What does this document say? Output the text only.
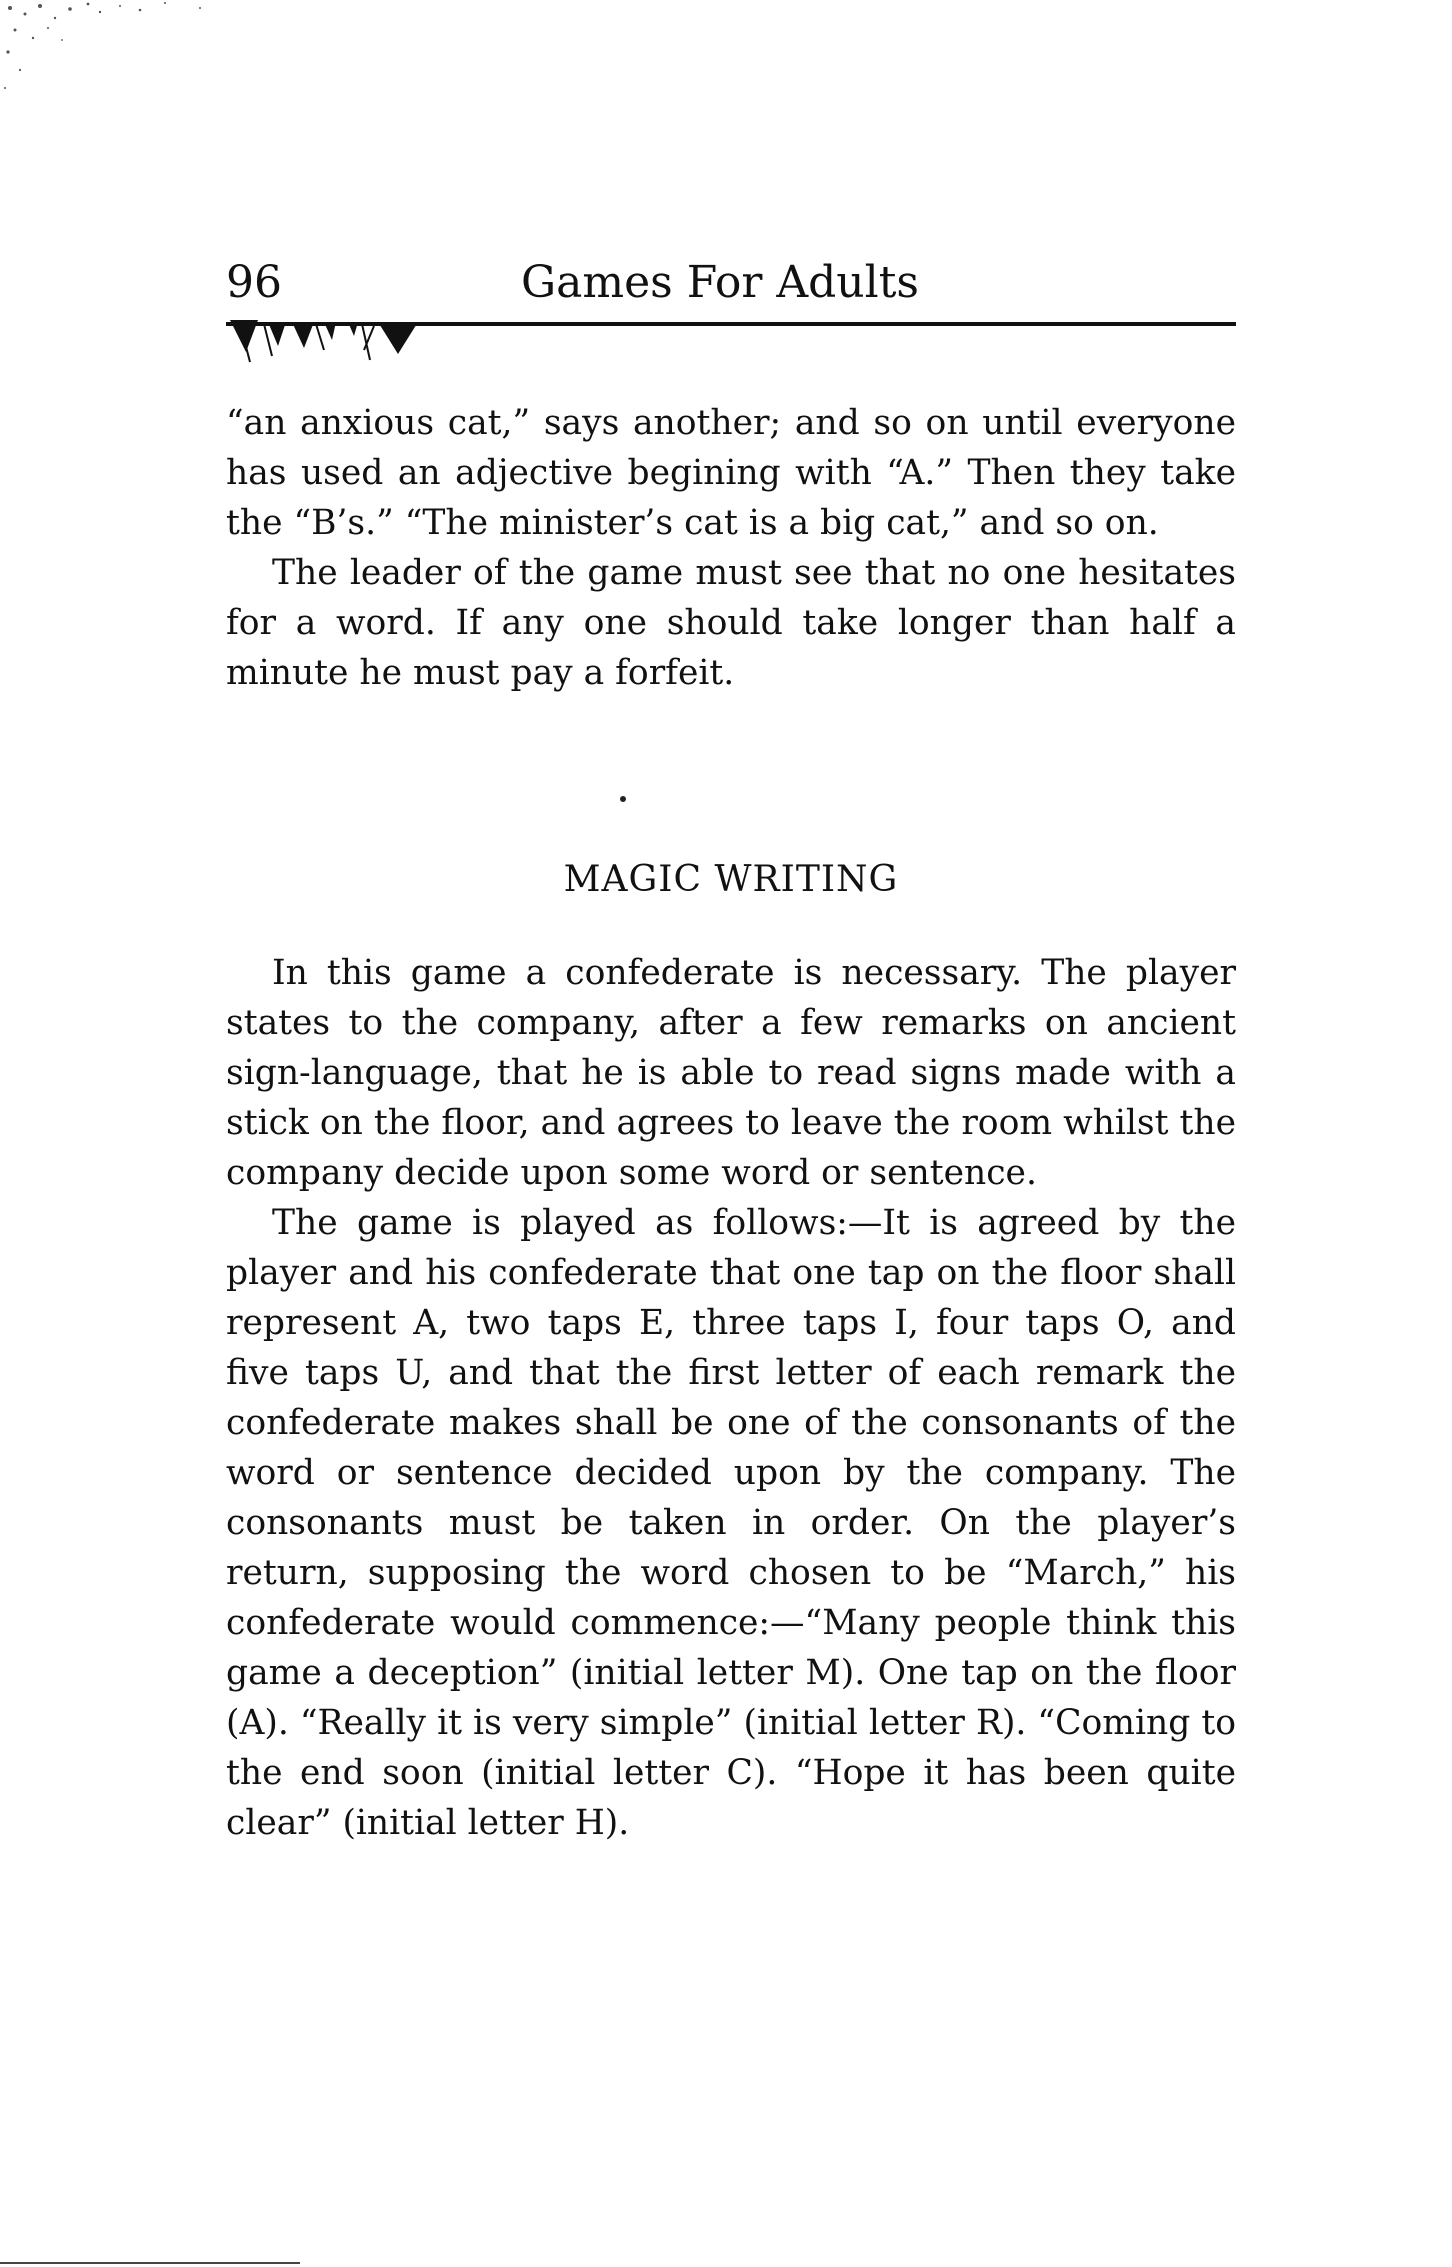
96	Games For Adults

“an anxious cat,” says another; and so on until everyone has used an adjective begining with “A.” Then they take the “B’s.” “The minister’s cat is a big cat,” and so on.

The leader of the game must see that no one hesitates for a word. If any one should take longer than half a minute he must pay a forfeit.

MAGIC WRITING

In this game a confederate is necessary. The player states to the company, after a few remarks on ancient sign-language, that he is able to read signs made with a stick on the floor, and agrees to leave the room whilst the company decide upon some word or sentence.

The game is played as follows:—It is agreed by the player and his confederate that one tap on the floor shall represent A, two taps E, three taps I, four taps O, and five taps U, and that the first letter of each remark the confederate makes shall be one of the consonants of the word or sentence decided upon by the company. The consonants must be taken in order. On the player’s return, supposing the word chosen to be “March,” his confederate would commence:—“Many people think this game a deception” (initial letter M). One tap on the floor (A). “Really it is very simple” (initial letter R). “Coming to the end soon (initial letter C). “Hope it has been quite clear” (initial letter H).
